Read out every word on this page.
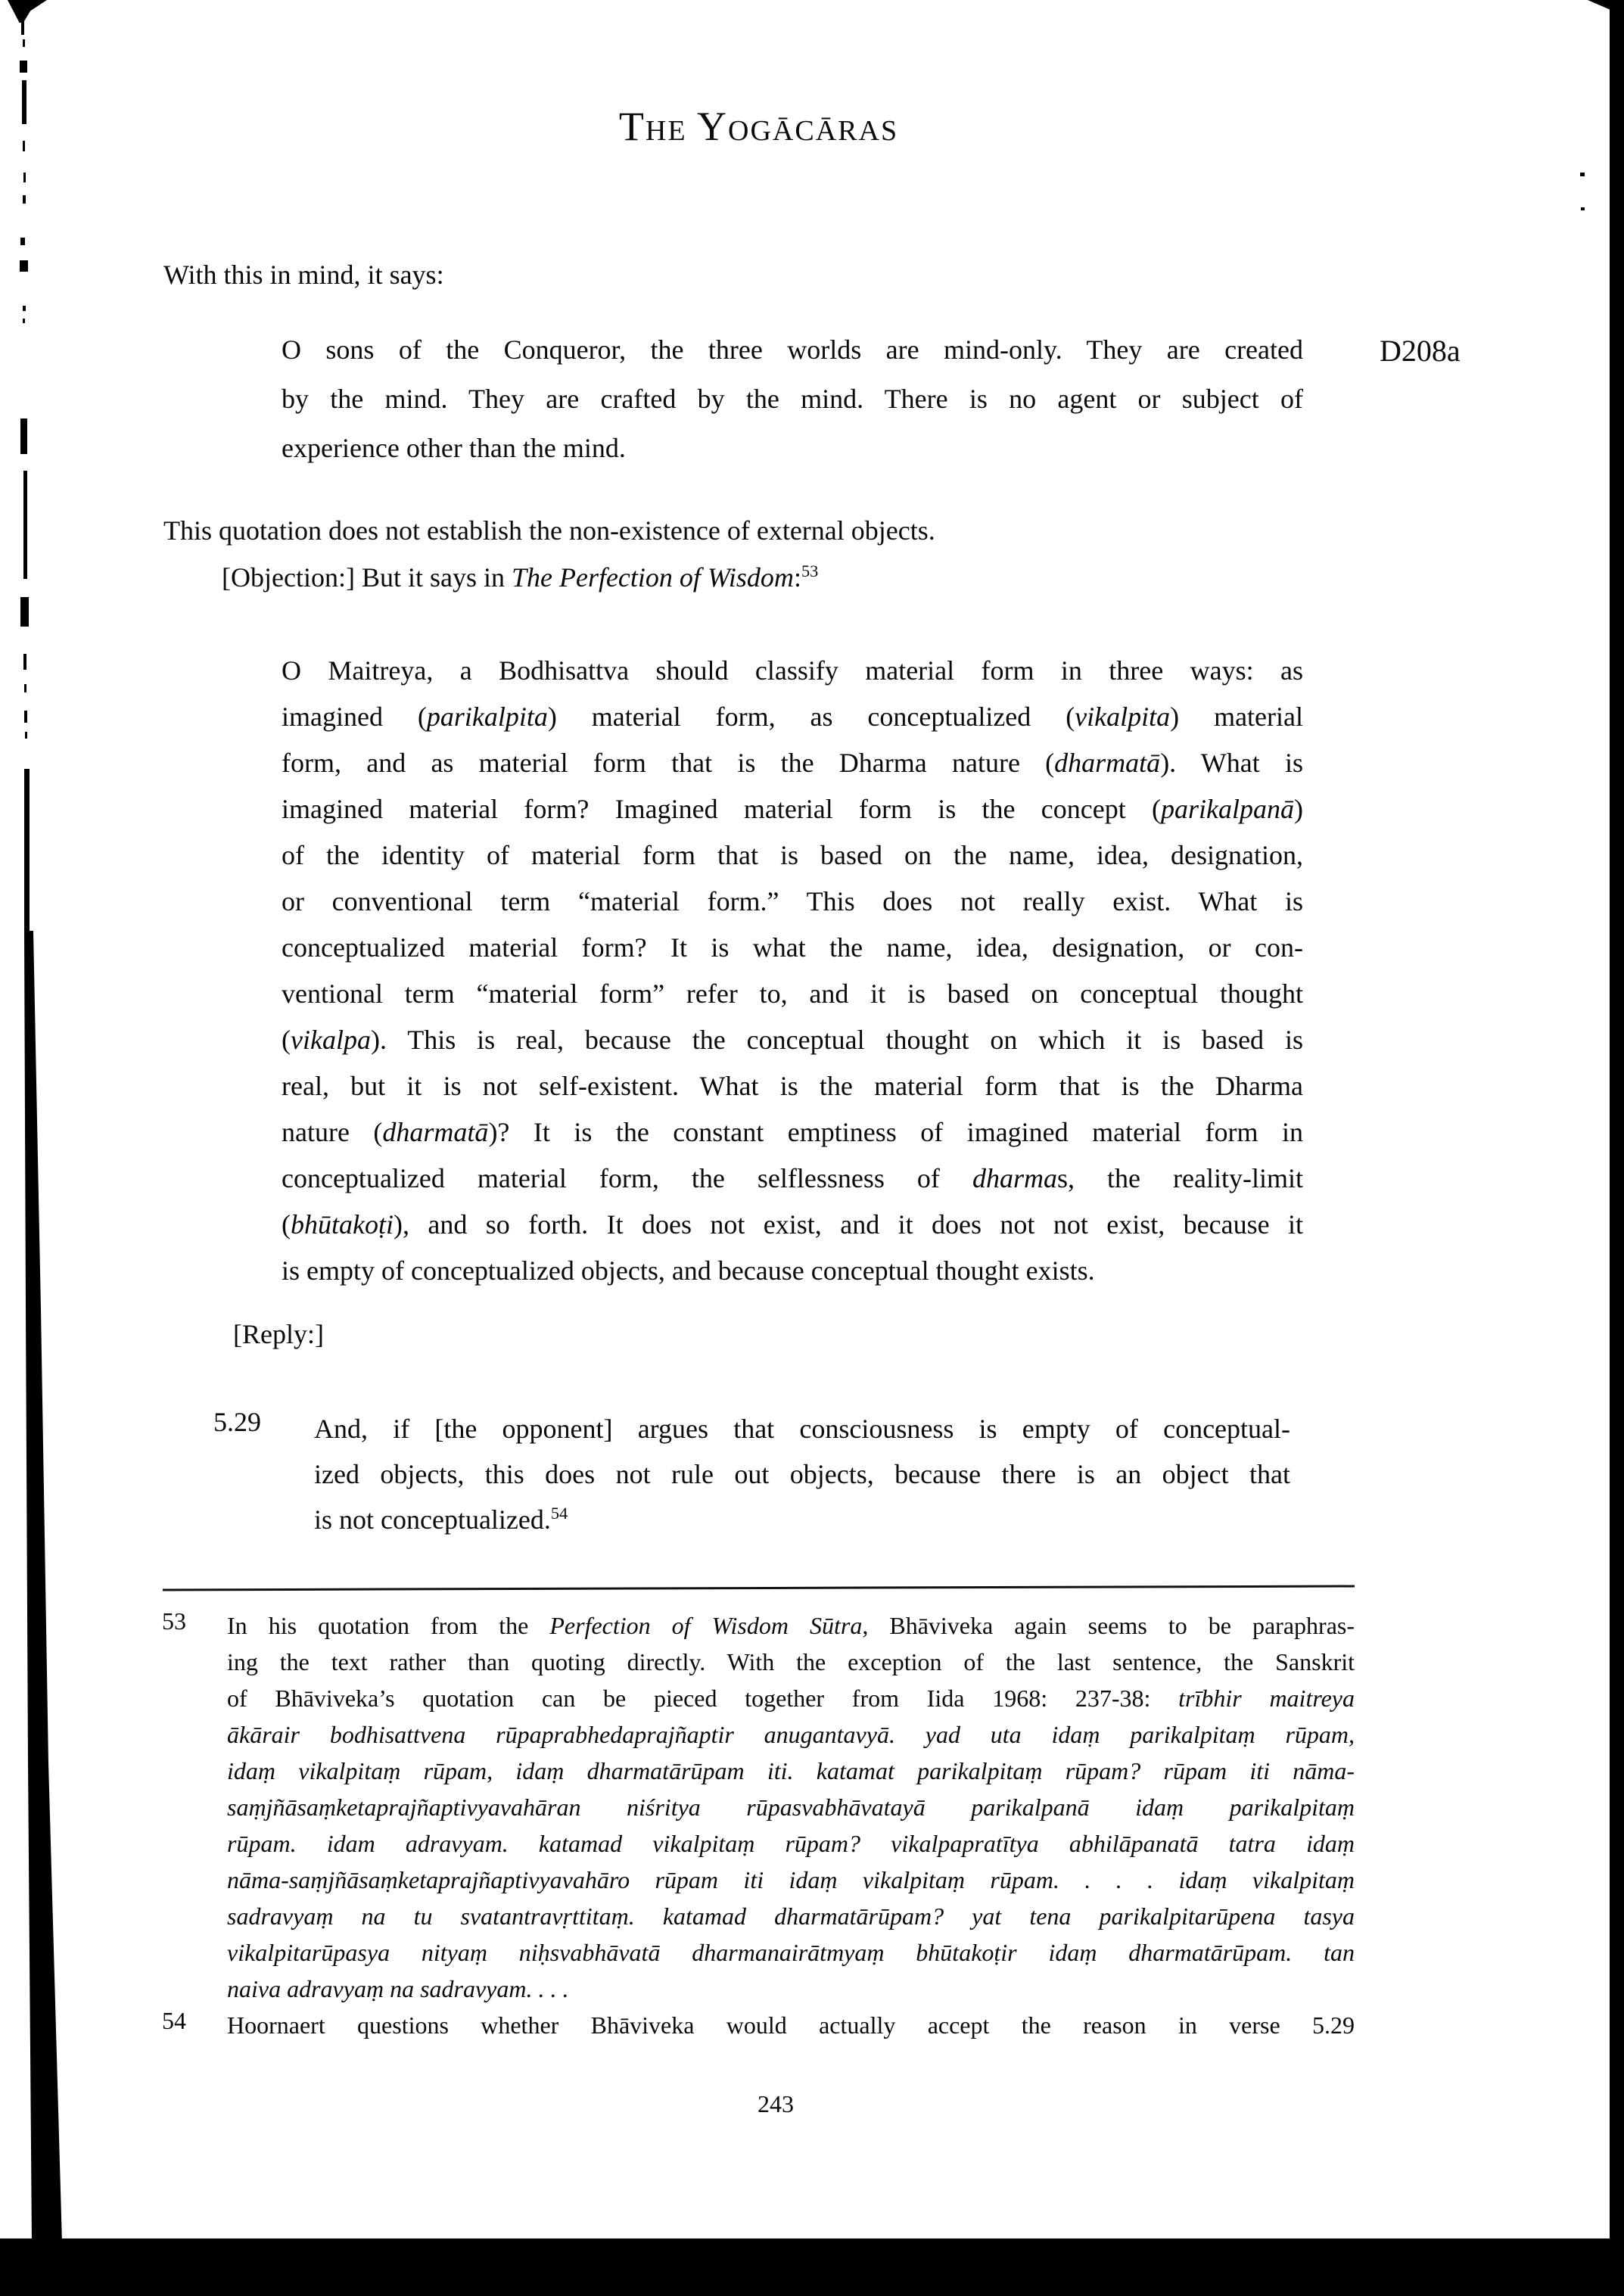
The Yogācāras
D208a
With this in mind, it says:
O sons of the Conqueror, the three worlds are mind-only. They are created
by the mind. They are crafted by the mind. There is no agent or subject of
experience other than the mind.
This quotation does not establish the non-existence of external objects.
[Objection:] But it says in The Perfection of Wisdom:$^{53}$
O Maitreya, a Bodhisattva should classify material form in three ways: as
imagined (parikalpita) material form, as conceptualized (vikalpita) material
form, and as material form that is the Dharma nature (dharmatā). What is
imagined material form? Imagined material form is the concept (parikalpanā)
of the identity of material form that is based on the name, idea, designation,
or conventional term “material form.” This does not really exist. What is
conceptualized material form? It is what the name, idea, designation, or con-
ventional term “material form” refer to, and it is based on conceptual thought
(vikalpa). This is real, because the conceptual thought on which it is based is
real, but it is not self-existent. What is the material form that is the Dharma
nature (dharmatā)? It is the constant emptiness of imagined material form in
conceptualized material form, the selflessness of dharmas, the reality-limit
(bhūtakoṭi), and so forth. It does not exist, and it does not not exist, because it
is empty of conceptualized objects, and because conceptual thought exists.
[Reply:]
5.29 And, if [the opponent] argues that consciousness is empty of conceptual-
ized objects, this does not rule out objects, because there is an object that
is not conceptualized.$^{54}$
53 In his quotation from the Perfection of Wisdom Sūtra, Bhāviveka again seems to be paraphras-
ing the text rather than quoting directly. With the exception of the last sentence, the Sanskrit
of Bhāviveka’s quotation can be pieced together from Iida 1968: 237-38: trībhir maitreya
ākārair bodhisattvena rūpaprabhedaprajñaptir anugantavyā. yad uta idaṃ parikalpitaṃ rūpam,
idaṃ vikalpitaṃ rūpam, idaṃ dharmatārūpam iti. katamat parikalpitaṃ rūpam? rūpam iti nāma-
saṃjñāsaṃketaprajñaptivyavahāran niśritya rūpasvabhāvatayā parikalpanā idaṃ parikalpitaṃ
rūpam. idam adravyam. katamad vikalpitaṃ rūpam? vikalpapratītya abhilāpanatā tatra idaṃ
nāma-saṃjñāsaṃketaprajñaptivyavahāro rūpam iti idaṃ vikalpitaṃ rūpam. . . . idaṃ vikalpitaṃ
sadravyaṃ na tu svatantravṛttitaṃ. katamad dharmatārūpam? yat tena parikalpitarūpena tasya
vikalpitarūpasya nityaṃ niḥsvabhāvatā dharmanairātmyaṃ bhūtakoṭir idaṃ dharmatārūpam. tan
naiva adravyaṃ na sadravyam. . . .
54 Hoornaert questions whether Bhāviveka would actually accept the reason in verse 5.29
243
